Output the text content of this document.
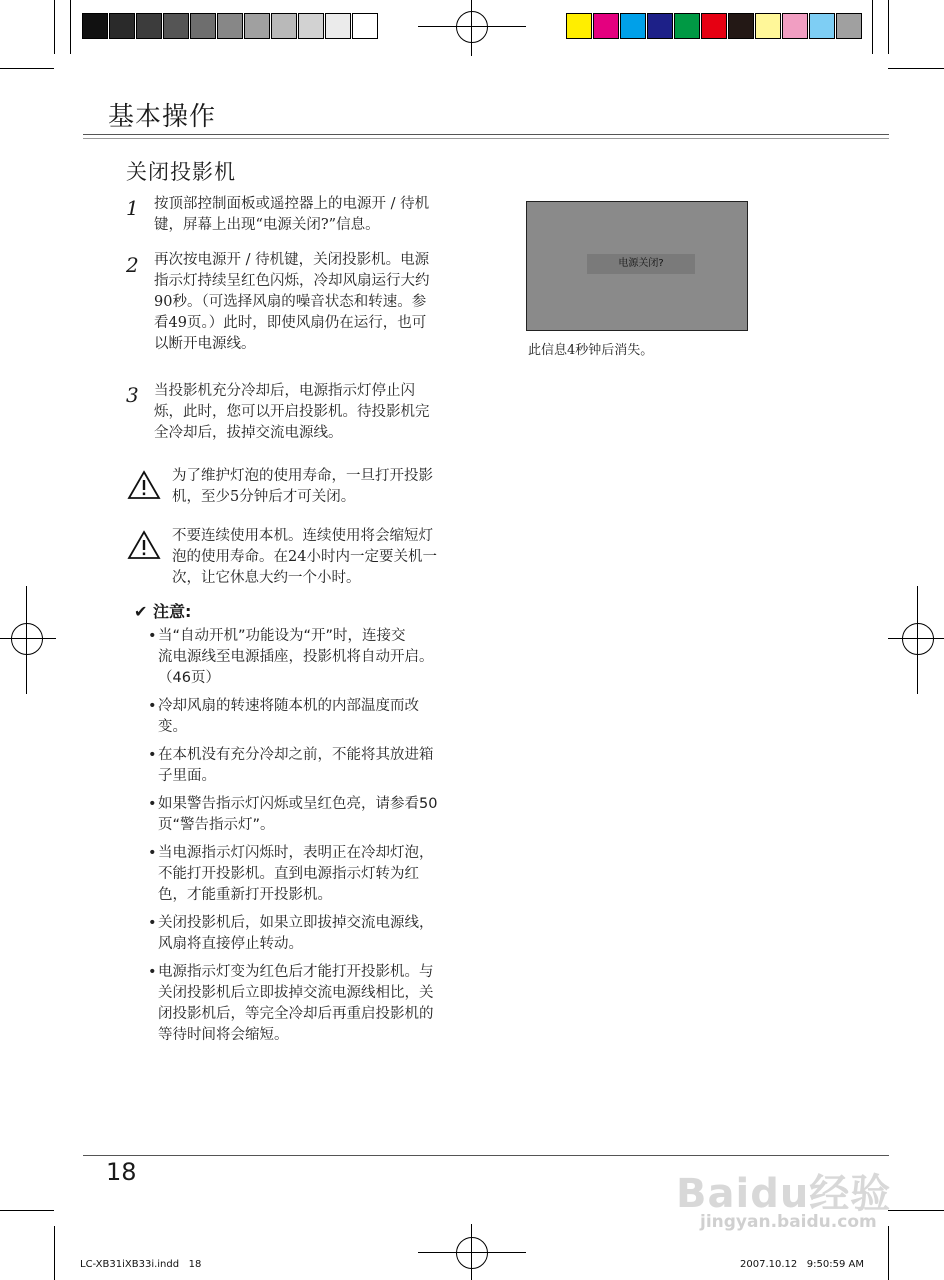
基本操作
关闭投影机
1 按顶部控制面板或遥控器上的电源开 / 待机
键，屏幕上出现“电源关闭?”信息。
2 再次按电源开 / 待机键，关闭投影机。电源
指示灯持续呈红色闪烁，冷却风扇运行大约
90秒。（可选择风扇的噪音状态和转速。参
看49页。）此时，即使风扇仍在运行，也可
以断开电源线。
3 当投影机充分冷却后，电源指示灯停止闪
烁，此时，您可以开启投影机。待投影机完
全冷却后，拔掉交流电源线。
为了维护灯泡的使用寿命，一旦打开投影
机，至少5分钟后才可关闭。
不要连续使用本机。连续使用将会缩短灯
泡的使用寿命。在24小时内一定要关机一
次，让它休息大约一个小时。
✔ 注意:
• 当“自动开机”功能设为“开”时，连接交
流电源线至电源插座，投影机将自动开启。
（46页）
• 冷却风扇的转速将随本机的内部温度而改
变。
• 在本机没有充分冷却之前，不能将其放进箱
子里面。
• 如果警告指示灯闪烁或呈红色亮，请参看50
页“警告指示灯”。
• 当电源指示灯闪烁时，表明正在冷却灯泡，
不能打开投影机。直到电源指示灯转为红
色，才能重新打开投影机。
• 关闭投影机后，如果立即拔掉交流电源线，
风扇将直接停止转动。
• 电源指示灯变为红色后才能打开投影机。与
关闭投影机后立即拔掉交流电源线相比，关
闭投影机后，等完全冷却后再重启投影机的
等待时间将会缩短。
电源关闭?
此信息4秒钟后消失。
18	Baidu经验
jingyan.baidu.com
LC-XB31iXB33i.indd   18	2007.10.12   9:50:59 AM
